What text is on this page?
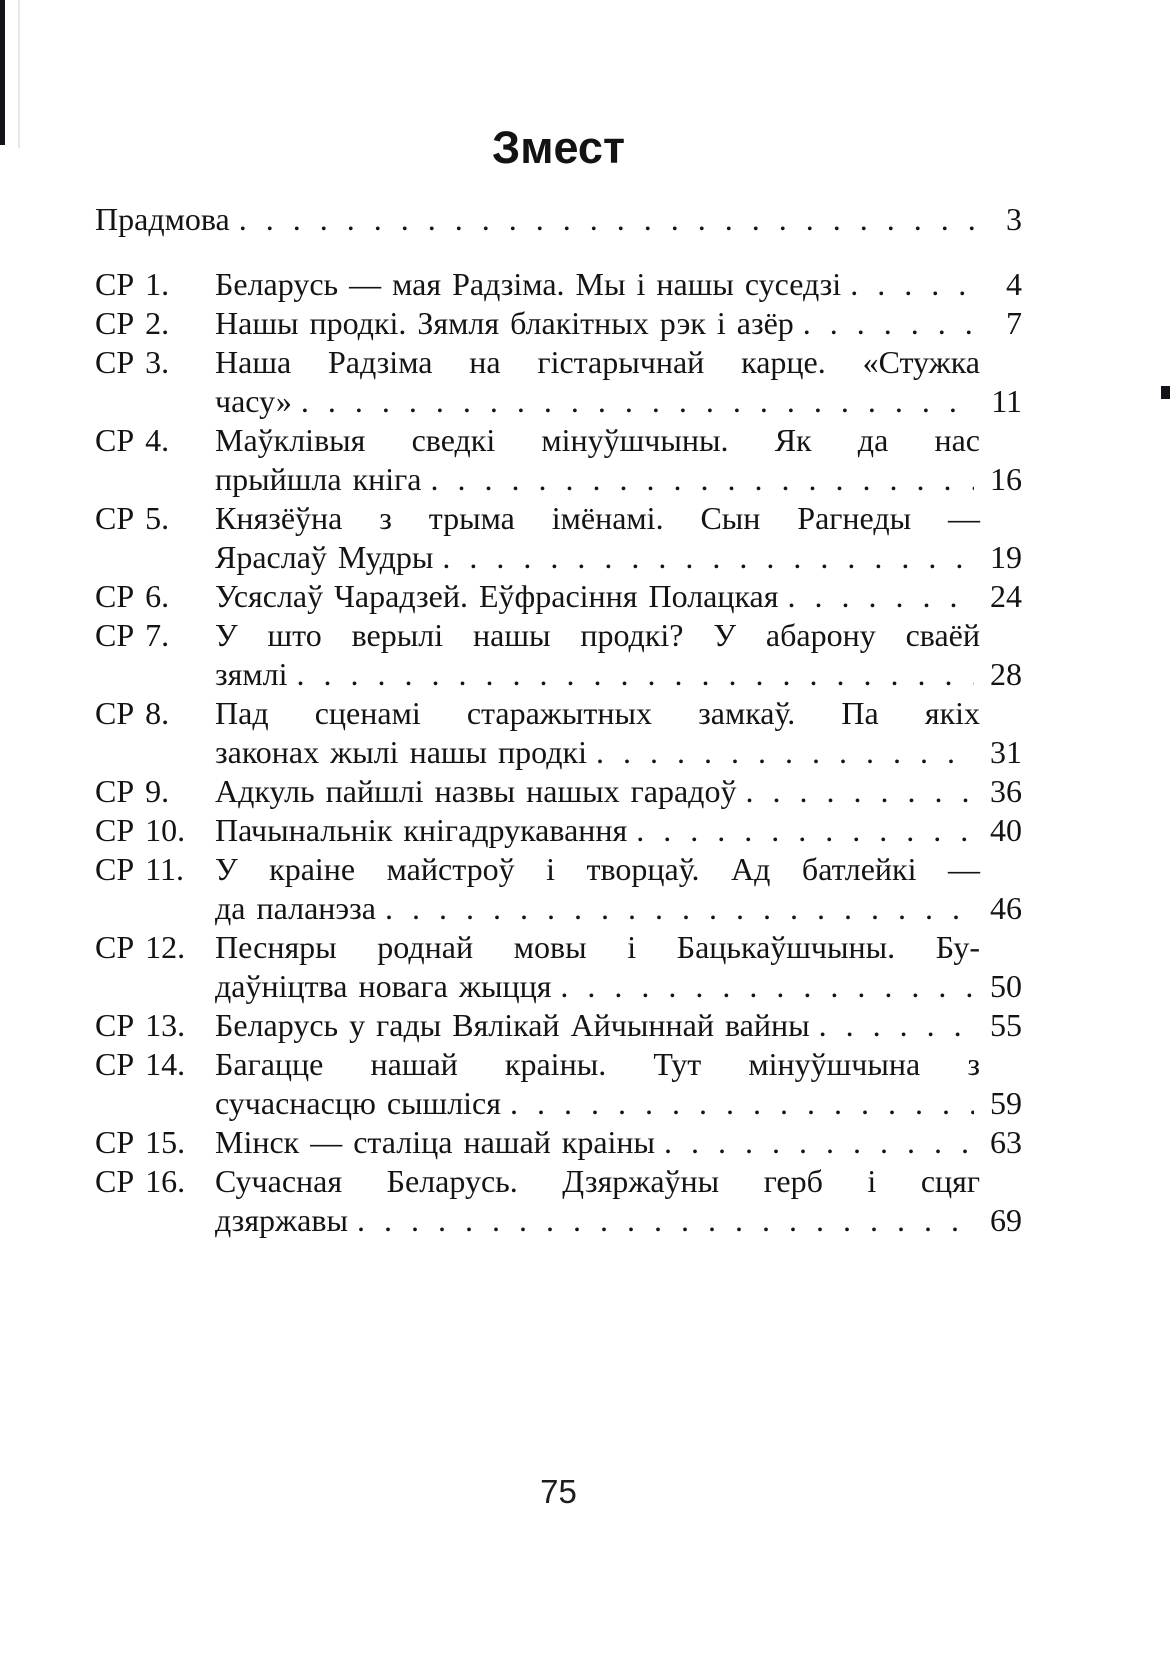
Змест
Прадмова . . .	3
СР 1.	Беларусь — мая Радзіма. Мы і нашы суседзі . . .	4
СР 2.	Нашы продкі. Зямля блакітных рэк і азёр . . .	7
СР 3.	Наша Радзіма на гістарычнай карце. «Стужка
часу» . . .	11
СР 4.	Маўклівыя сведкі мінуўшчыны. Як да нас
прыйшла кніга . . .	16
СР 5.	Князёўна з трыма імёнамі. Сын Рагнеды —
Яраслаў Мудры . . .	19
СР 6.	Усяслаў Чарадзей. Еўфрасіння Полацкая . . .	24
СР 7.	У што верылі нашы продкі? У абарону сваёй
зямлі . . .	28
СР 8.	Пад сценамі старажытных замкаў. Па якіх
законах жылі нашы продкі . . .	31
СР 9.	Адкуль пайшлі назвы нашых гарадоў . . .	36
СР 10. Пачынальнік кнігадрукавання . . .	40
СР 11. У краіне майстроў і творцаў. Ад батлейкі —
да паланэза . . .	46
СР 12. Песняры роднай мовы і Бацькаўшчыны. Бу-
даўніцтва новага жыцця . . .	50
СР 13. Беларусь у гады Вялікай Айчыннай вайны . . .	55
СР 14. Багацце нашай краіны. Тут мінуўшчына з
сучаснасцю сышліся . . .	59
СР 15. Мінск — сталіца нашай краіны . . .	63
СР 16. Сучасная Беларусь. Дзяржаўны герб і сцяг
дзяржавы . . .	69
75
